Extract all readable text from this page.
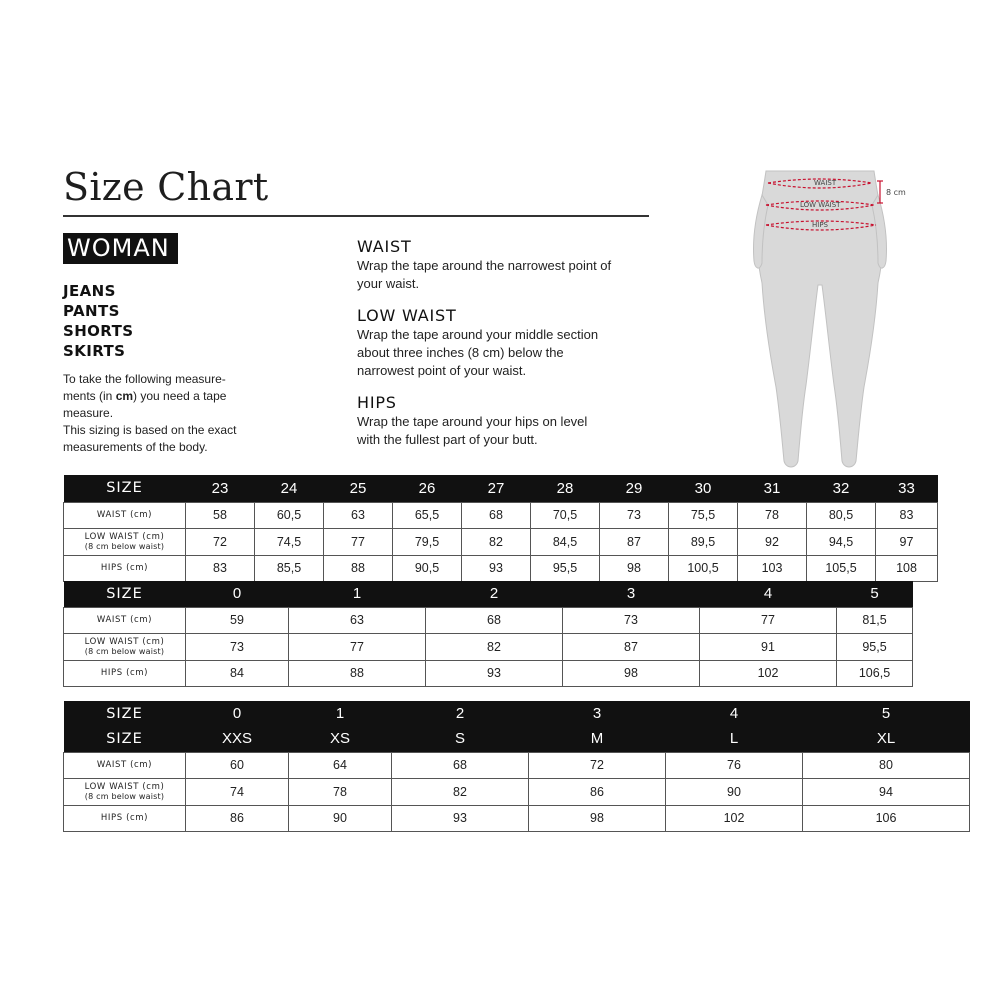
Size Chart
WOMAN
JEANS
PANTS
SHORTS
SKIRTS

To take the following measure-

ments (in cm) you need a tape

measure.

This sizing is based on the exact

measurements of the body.

WAIST

Wrap the tape around the narrowest point of

your waist.

LOW WAIST

Wrap the tape around your middle section

about three inches (8 cm) below the

narrowest point of your waist.

HIPS

Wrap the tape around your hips on level

with the fullest part of your butt.

WAIST
LOW WAIST
HIPS
8 cm
SIZE	23	24	25	26	27	28	29	30	31	32	33
WAIST (cm)	58	60,5	63	65,5	68	70,5	73	75,5	78	80,5	83
LOW WAIST (cm)
(8 cm below waist)	72	74,5	77	79,5	82	84,5	87	89,5	92	94,5	97
HIPS (cm)	83	85,5	88	90,5	93	95,5	98	100,5	103	105,5	108
SIZE	0	1	2	3	4	5
WAIST (cm)	59	63	68	73	77	81,5
LOW WAIST (cm)
(8 cm below waist)	73	77	82	87	91	95,5
HIPS (cm)	84	88	93	98	102	106,5
SIZE	0	1	2	3	4	5
SIZE	XXS	XS	S	M	L	XL
WAIST (cm)	60	64	68	72	76	80
LOW WAIST (cm)
(8 cm below waist)	74	78	82	86	90	94
HIPS (cm)	86	90	93	98	102	106
